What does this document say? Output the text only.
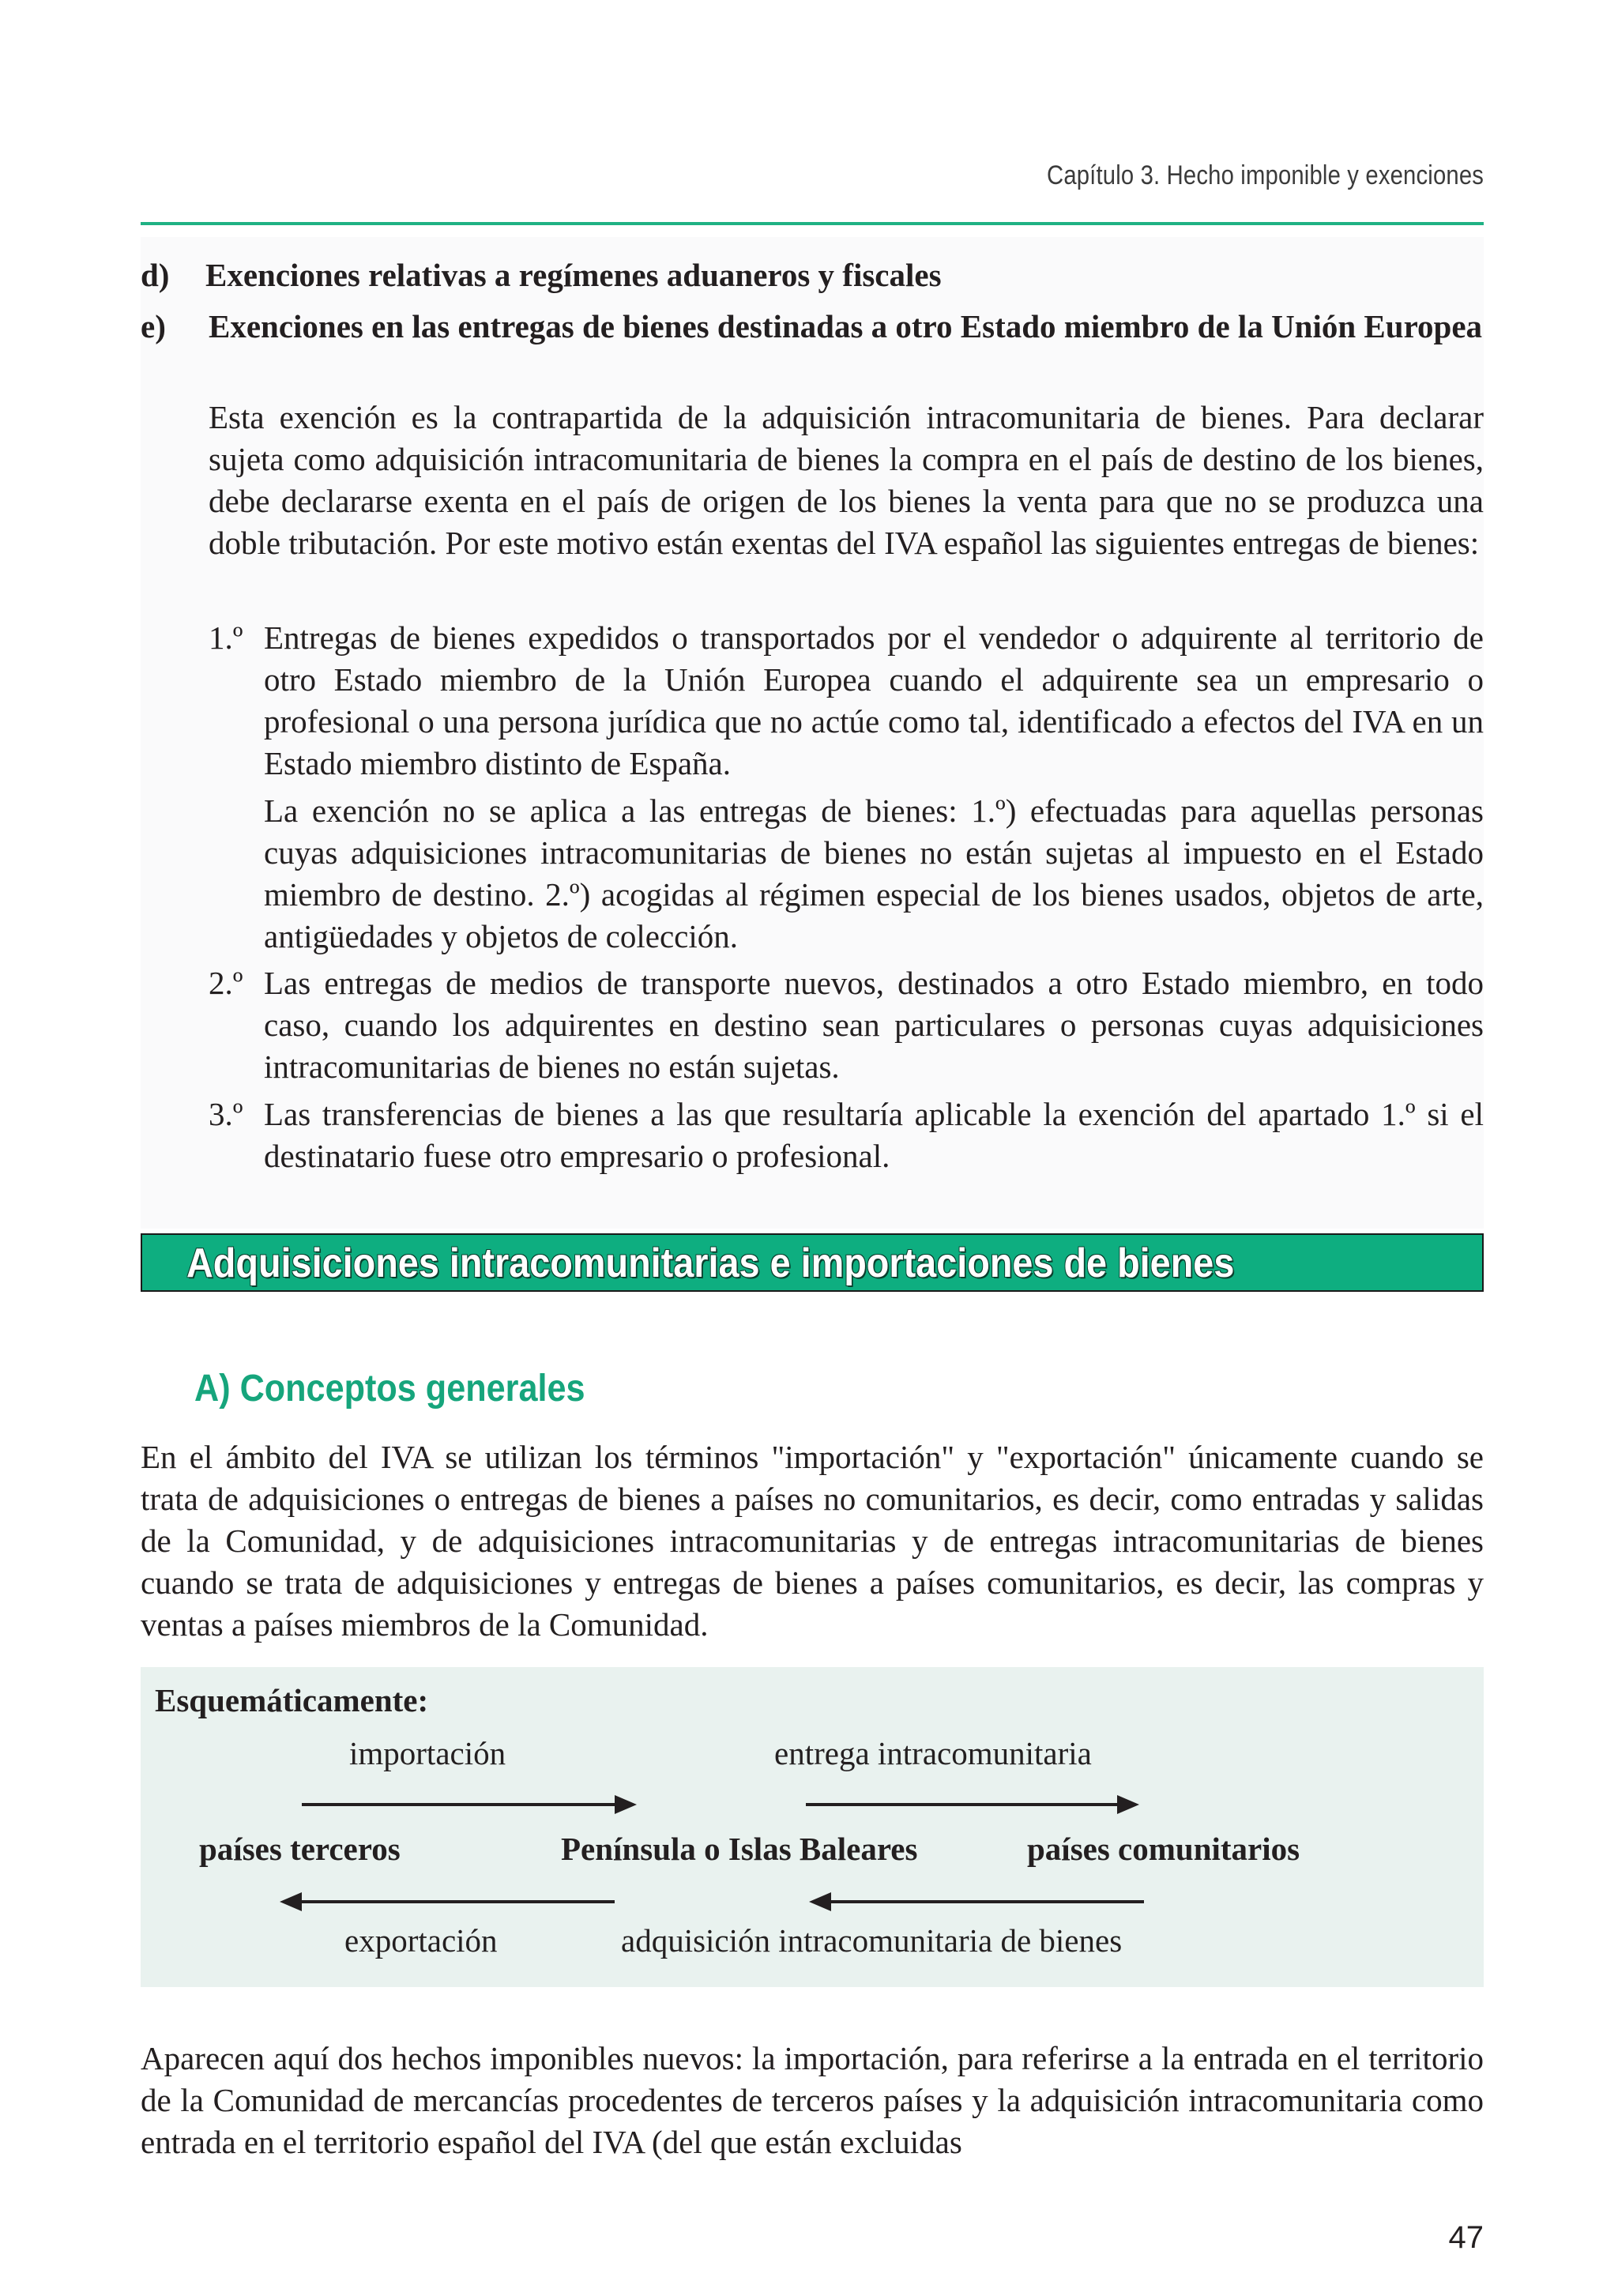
Capítulo 3. Hecho imponible y exenciones
d) Exenciones relativas a regímenes aduaneros y fiscales
e) Exenciones en las entregas de bienes destinadas a otro Estado miembro de la Unión Europea
Esta exención es la contrapartida de la adquisición intracomunitaria de bienes. Para declarar sujeta como adquisición intracomunitaria de bienes la compra en el país de destino de los bienes, debe declararse exenta en el país de origen de los bienes la venta para que no se produzca una doble tributación. Por este motivo están exentas del IVA español las siguientes entregas de bienes:
1.º Entregas de bienes expedidos o transportados por el vendedor o adquirente al territorio de otro Estado miembro de la Unión Europea cuando el adquirente sea un empresario o profesional o una persona jurídica que no actúe como tal, identificado a efectos del IVA en un Estado miembro distinto de España.
La exención no se aplica a las entregas de bienes: 1.º) efectuadas para aquellas personas cuyas adquisiciones intracomunitarias de bienes no están sujetas al impuesto en el Estado miembro de destino. 2.º) acogidas al régimen especial de los bienes usados, objetos de arte, antigüedades y objetos de colección.
2.º Las entregas de medios de transporte nuevos, destinados a otro Estado miembro, en todo caso, cuando los adquirentes en destino sean particulares o personas cuyas adquisiciones intracomunitarias de bienes no están sujetas.
3.º Las transferencias de bienes a las que resultaría aplicable la exención del apartado 1.º si el destinatario fuese otro empresario o profesional.
Adquisiciones intracomunitarias e importaciones de bienes
A) Conceptos generales
En el ámbito del IVA se utilizan los términos "importación" y "exportación" únicamente cuando se trata de adquisiciones o entregas de bienes a países no comunitarios, es decir, como entradas y salidas de la Comunidad, y de adquisiciones intracomunitarias y de entregas intracomunitarias de bienes cuando se trata de adquisiciones y entregas de bienes a países comunitarios, es decir, las compras y ventas a países miembros de la Comunidad.
Esquemáticamente:
importación	entrega intracomunitaria
países terceros	Península o Islas Baleares	países comunitarios
exportación	adquisición intracomunitaria de bienes
Aparecen aquí dos hechos imponibles nuevos: la importación, para referirse a la entrada en el territorio de la Comunidad de mercancías procedentes de terceros países y la adquisición intracomunitaria como entrada en el territorio español del IVA (del que están excluidas
47
